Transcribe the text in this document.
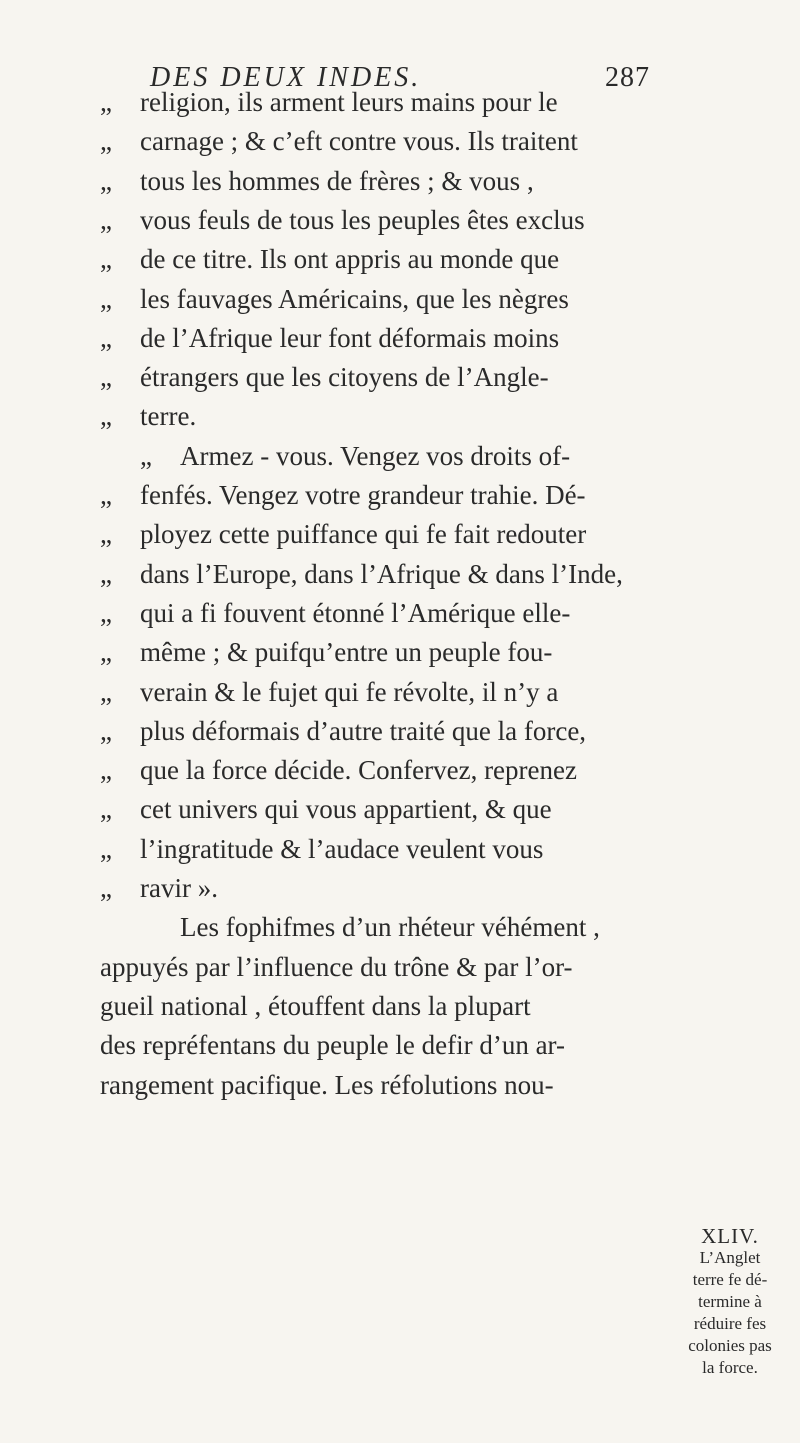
DES DEUX INDES.	287
„	religion, ils arment leurs mains pour le
„	carnage ; & c’eft contre vous. Ils traitent
„	tous les hommes de frères ; & vous ,
„	vous feuls de tous les peuples êtes exclus
„	de ce titre. Ils ont appris au monde que
„	les fauvages Américains, que les nègres
„	de l’Afrique leur font déformais moins
„	étrangers que les citoyens de l’Angle-
„	terre.
„	Armez - vous. Vengez vos droits of-
„	fenfés. Vengez votre grandeur trahie. Dé-
„	ployez cette puiffance qui fe fait redouter
„	dans l’Europe, dans l’Afrique & dans l’Inde,
„	qui a fi fouvent étonné l’Amérique elle-
„	même ; & puifqu’entre un peuple fou-
„	verain & le fujet qui fe révolte, il n’y a
„	plus déformais d’autre traité que la force,
„	que la force décide. Confervez, reprenez
„	cet univers qui vous appartient, & que
„	l’ingratitude & l’audace veulent vous
„	ravir ».
Les fophifmes d’un rhéteur véhément ,
appuyés par l’influence du trône & par l’or-
gueil national , étouffent dans la plupart
des repréfentans du peuple le defir d’un ar-
rangement pacifique. Les réfolutions nou-
XLIV.
L’Anglet
terre fe dé-
termine à
réduire fes
colonies pas
la force.
